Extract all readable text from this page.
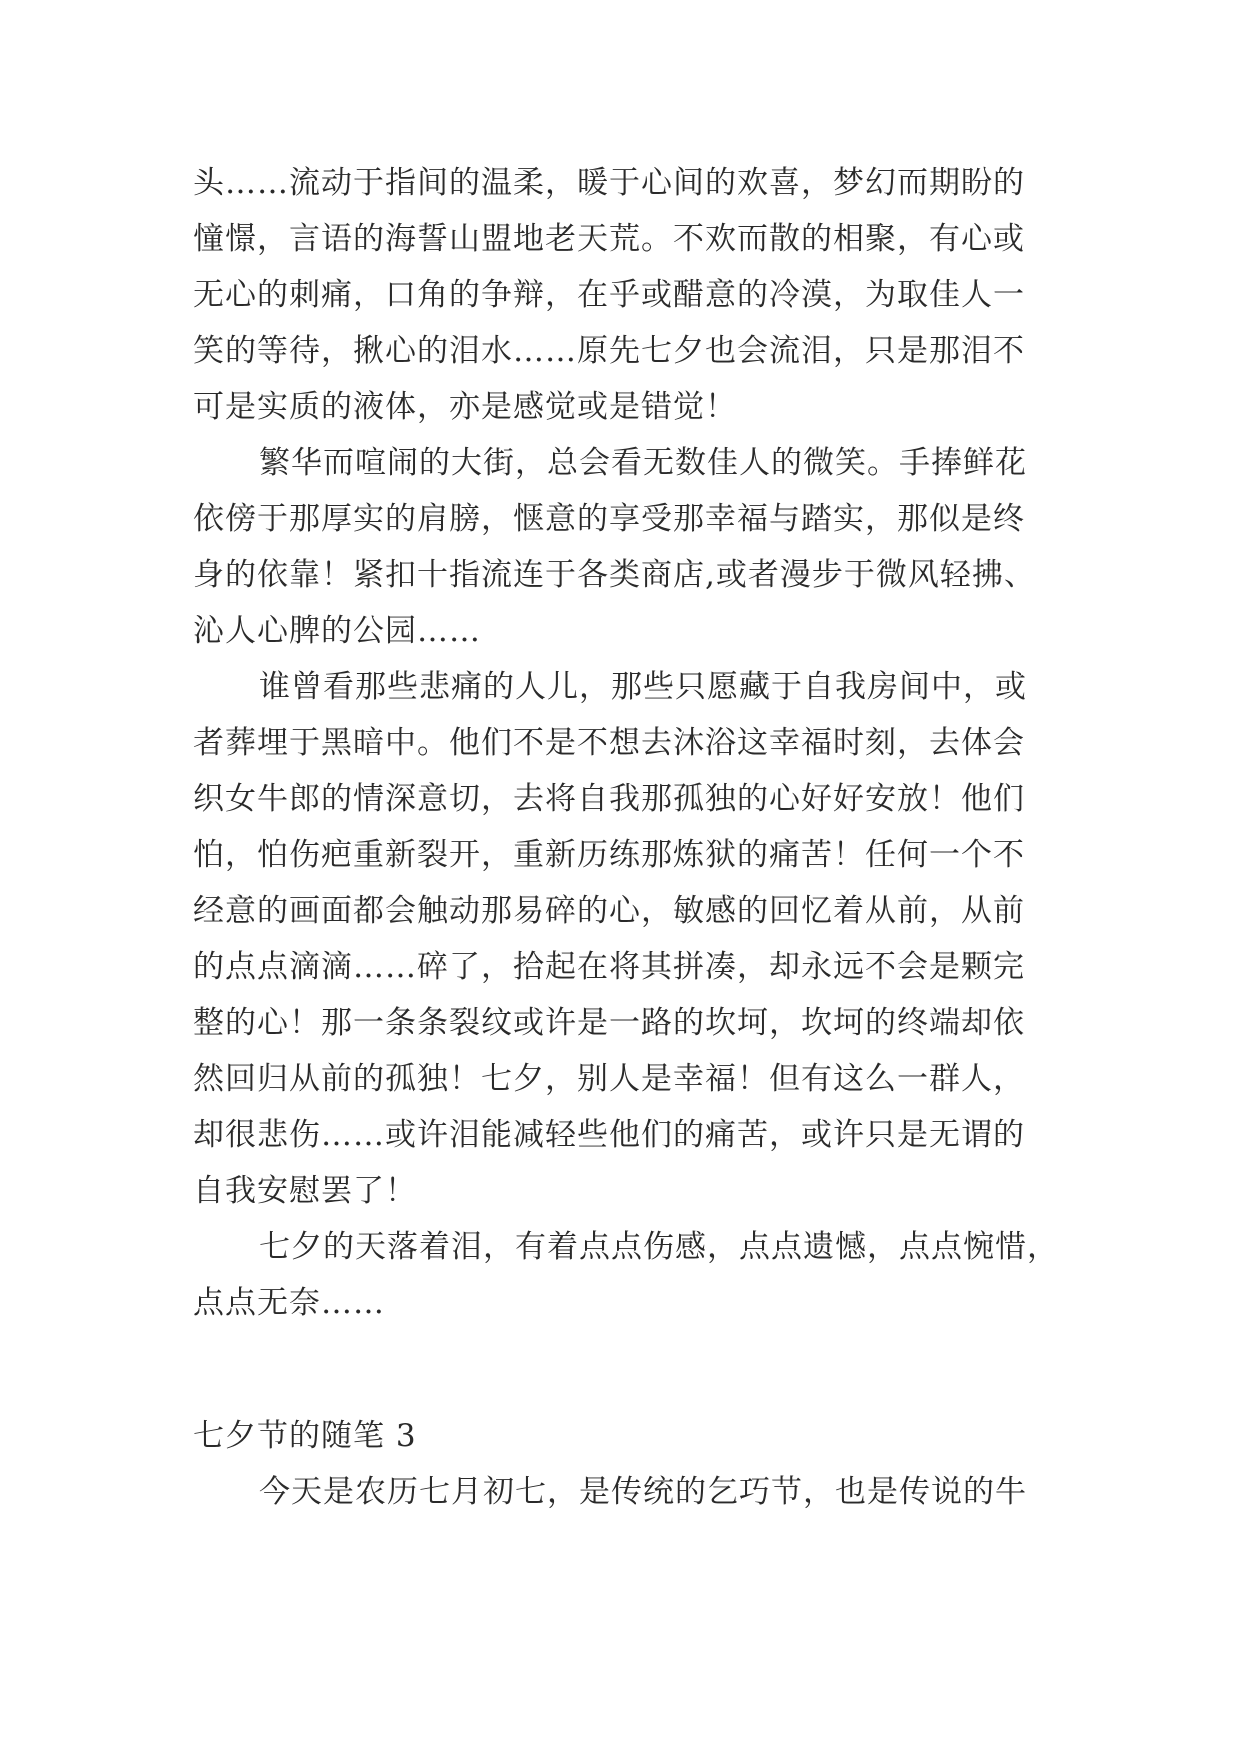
头……流动于指间的温柔，暖于心间的欢喜，梦幻而期盼的
憧憬，言语的海誓山盟地老天荒。不欢而散的相聚，有心或
无心的刺痛，口角的争辩，在乎或醋意的冷漠，为取佳人一
笑的等待，揪心的泪水……原先七夕也会流泪，只是那泪不
可是实质的液体，亦是感觉或是错觉！
繁华而喧闹的大街，总会看无数佳人的微笑。手捧鲜花
依傍于那厚实的肩膀，惬意的享受那幸福与踏实，那似是终
身的依靠！紧扣十指流连于各类商店,或者漫步于微风轻拂、
沁人心脾的公园……
谁曾看那些悲痛的人儿，那些只愿藏于自我房间中，或
者葬埋于黑暗中。他们不是不想去沐浴这幸福时刻，去体会
织女牛郎的情深意切，去将自我那孤独的心好好安放！他们
怕，怕伤疤重新裂开，重新历练那炼狱的痛苦！任何一个不
经意的画面都会触动那易碎的心，敏感的回忆着从前，从前
的点点滴滴……碎了，拾起在将其拼凑，却永远不会是颗完
整的心！那一条条裂纹或许是一路的坎坷，坎坷的终端却依
然回归从前的孤独！七夕，别人是幸福！但有这么一群人，
却很悲伤……或许泪能减轻些他们的痛苦，或许只是无谓的
自我安慰罢了！
七夕的天落着泪，有着点点伤感，点点遗憾，点点惋惜，
点点无奈……
七夕节的随笔 3
今天是农历七月初七，是传统的乞巧节，也是传说的牛
